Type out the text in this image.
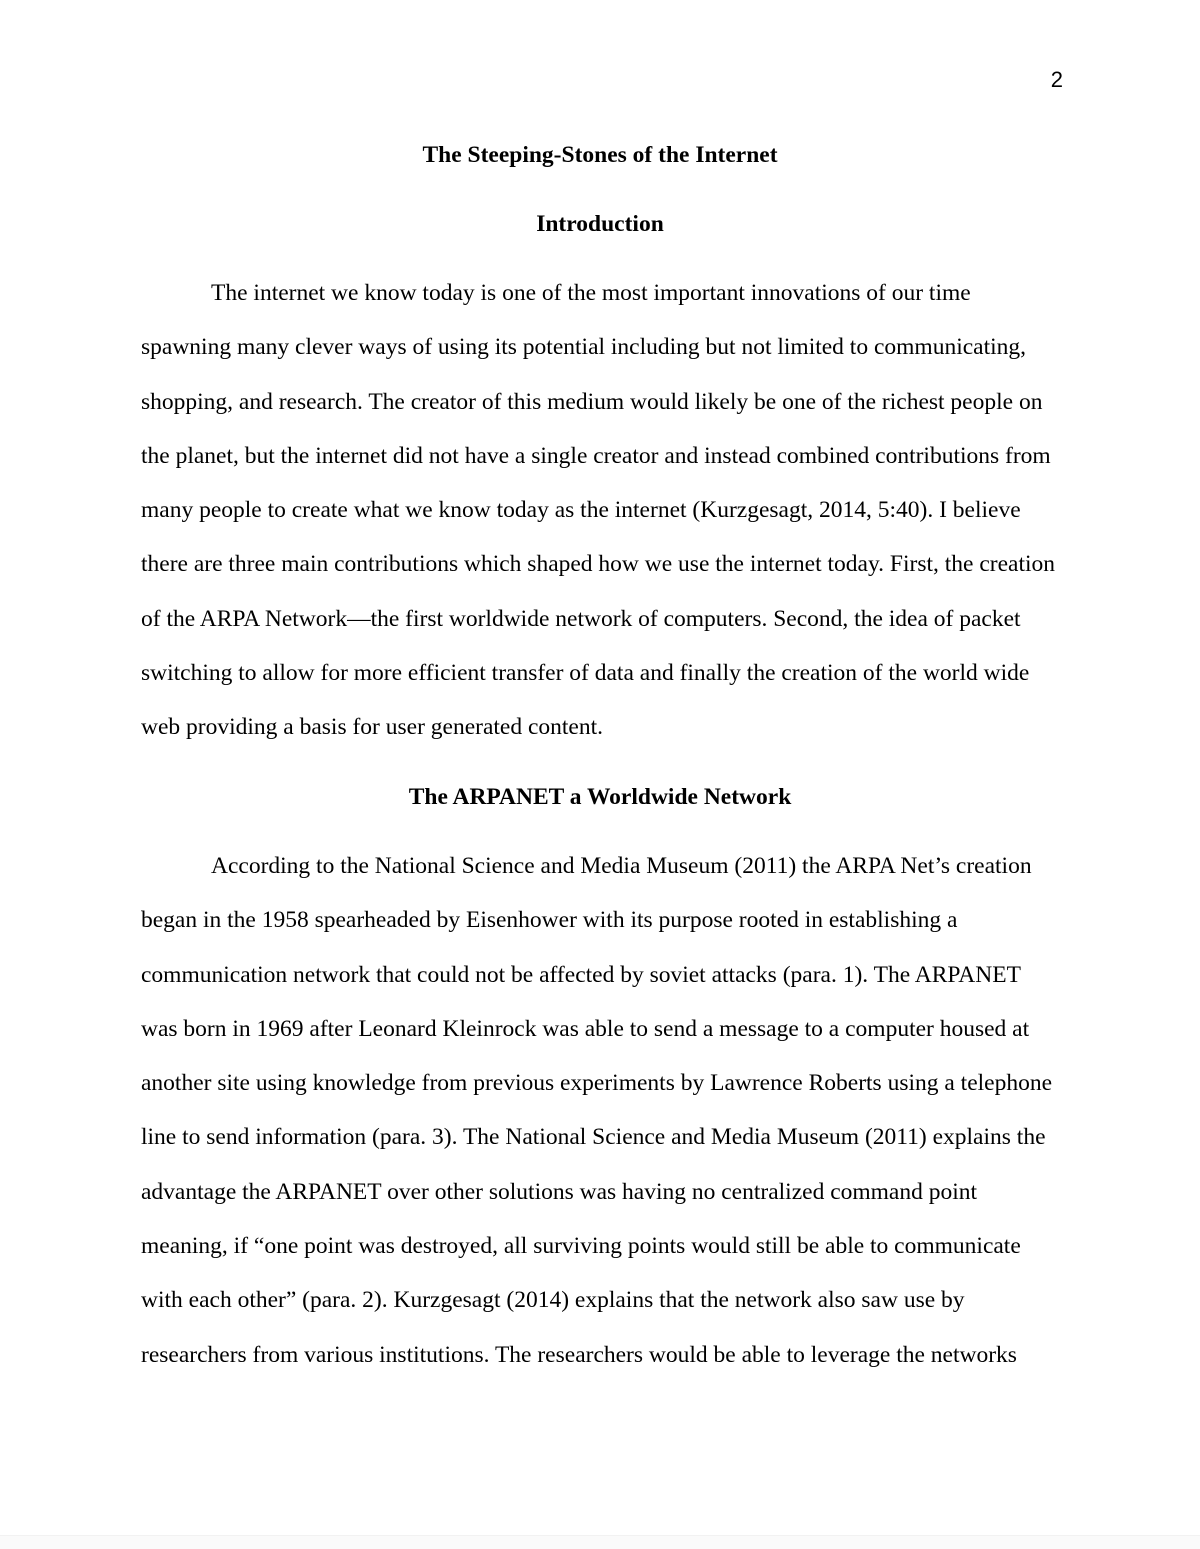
2
The Steeping-Stones of the Internet
Introduction
The internet we know today is one of the most important innovations of our time
spawning many clever ways of using its potential including but not limited to communicating,
shopping, and research. The creator of this medium would likely be one of the richest people on
the planet, but the internet did not have a single creator and instead combined contributions from
many people to create what we know today as the internet (Kurzgesagt, 2014, 5:40). I believe
there are three main contributions which shaped how we use the internet today. First, the creation
of the ARPA Network—the first worldwide network of computers. Second, the idea of packet
switching to allow for more efficient transfer of data and finally the creation of the world wide
web providing a basis for user generated content.
The ARPANET a Worldwide Network
According to the National Science and Media Museum (2011) the ARPA Net’s creation
began in the 1958 spearheaded by Eisenhower with its purpose rooted in establishing a
communication network that could not be affected by soviet attacks (para. 1). The ARPANET
was born in 1969 after Leonard Kleinrock was able to send a message to a computer housed at
another site using knowledge from previous experiments by Lawrence Roberts using a telephone
line to send information (para. 3). The National Science and Media Museum (2011) explains the
advantage the ARPANET over other solutions was having no centralized command point
meaning, if “one point was destroyed, all surviving points would still be able to communicate
with each other” (para. 2). Kurzgesagt (2014) explains that the network also saw use by
researchers from various institutions. The researchers would be able to leverage the networks
